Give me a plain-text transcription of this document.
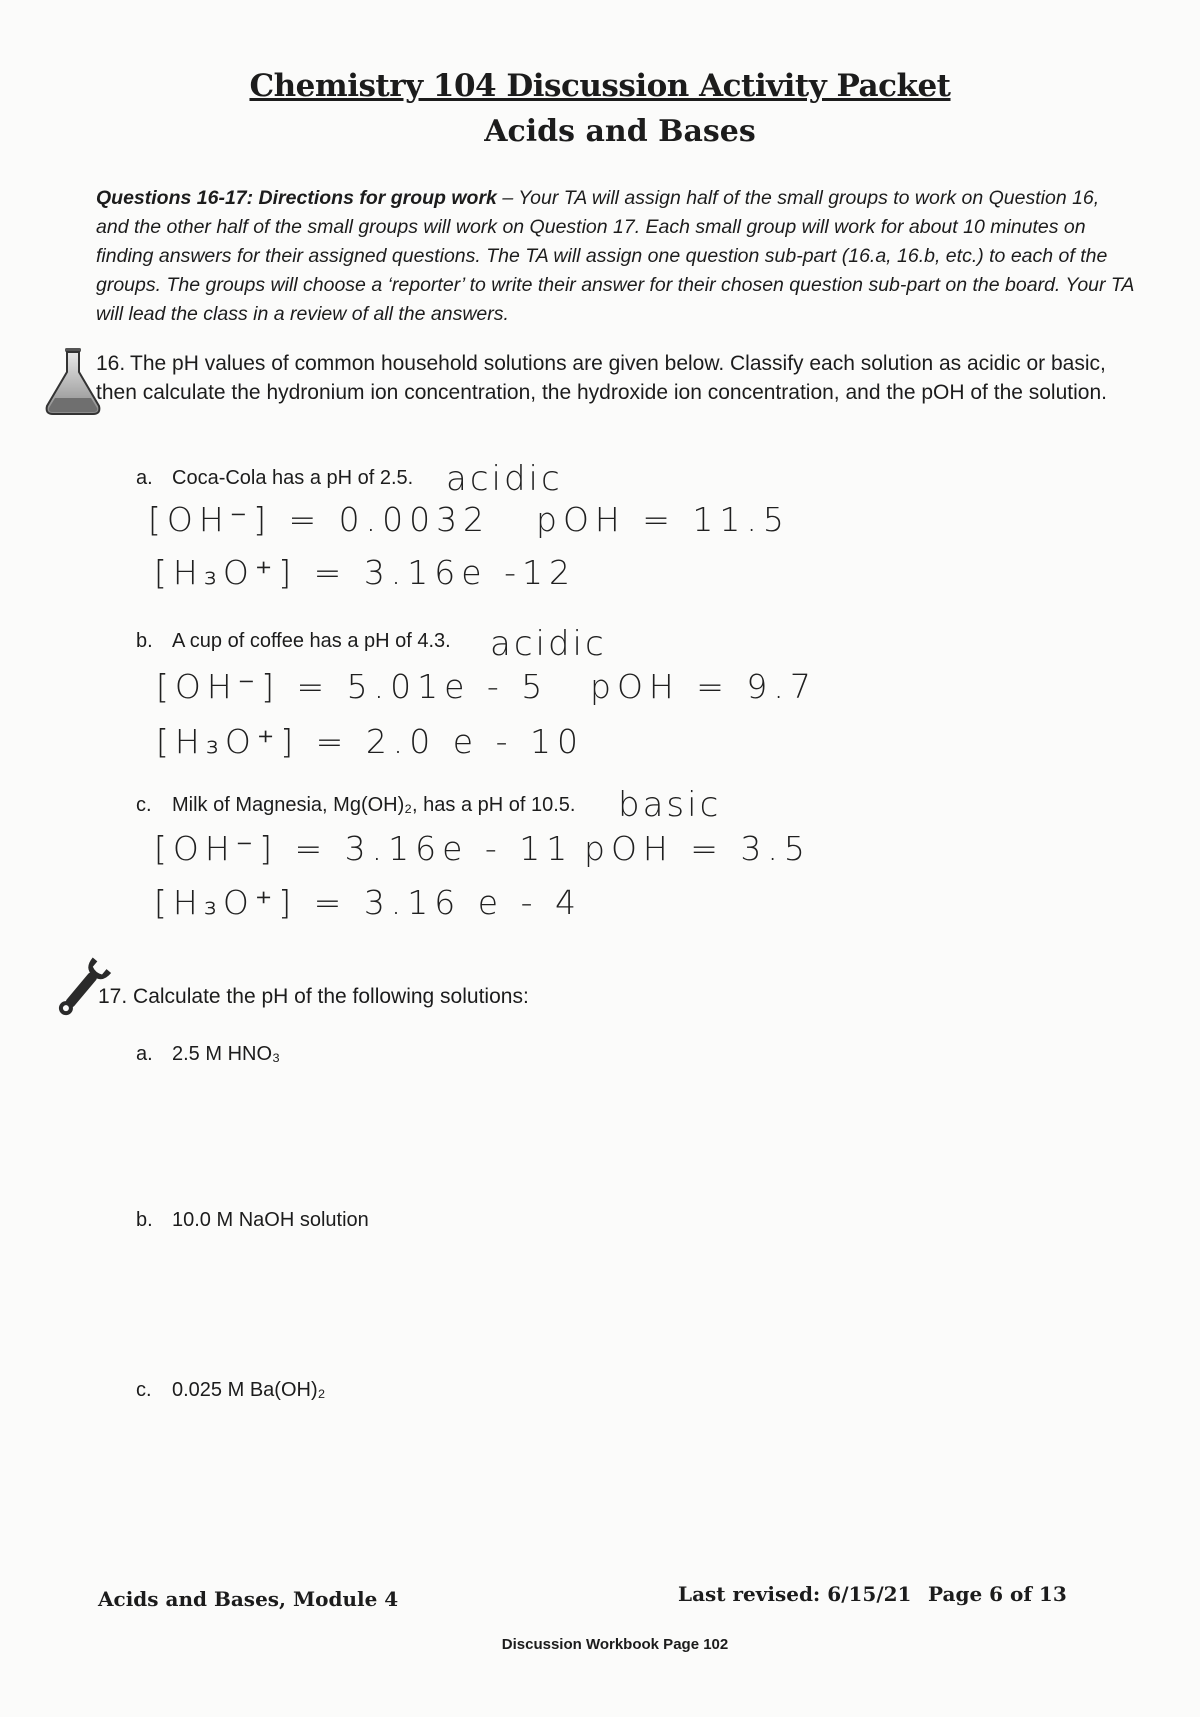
Chemistry 104 Discussion Activity Packet
Acids and Bases
Questions 16-17: Directions for group work – Your TA will assign half of the small groups to work on Question 16, and the other half of the small groups will work on Question 17. Each small group will work for about 10 minutes on finding answers for their assigned questions. The TA will assign one question sub-part (16.a, 16.b, etc.) to each of the groups. The groups will choose a ‘reporter’ to write their answer for their chosen question sub-part on the board. Your TA will lead the class in a review of all the answers.
16. The pH values of common household solutions are given below. Classify each solution as acidic or basic, then calculate the hydronium ion concentration, the hydroxide ion concentration, and the pOH of the solution.
a. Coca-Cola has a pH of 2.5. acidic
[OH⁻] = 0.0032 pOH = 11.5
[H₃O⁺] = 3.16e -12
b. A cup of coffee has a pH of 4.3. acidic
[OH⁻] = 5.01e - 5 pOH = 9.7
[H₃O⁺] = 2.0 e - 10
c. Milk of Magnesia, Mg(OH)₂, has a pH of 10.5. basic
[OH⁻] = 3.16e - 11 pOH = 3.5
[H₃O⁺] = 3.16 e - 4
17. Calculate the pH of the following solutions:
a. 2.5 M HNO₃
b. 10.0 M NaOH solution
c. 0.025 M Ba(OH)₂
Acids and Bases, Module 4	Last revised: 6/15/21 Page 6 of 13
Discussion Workbook Page 102
